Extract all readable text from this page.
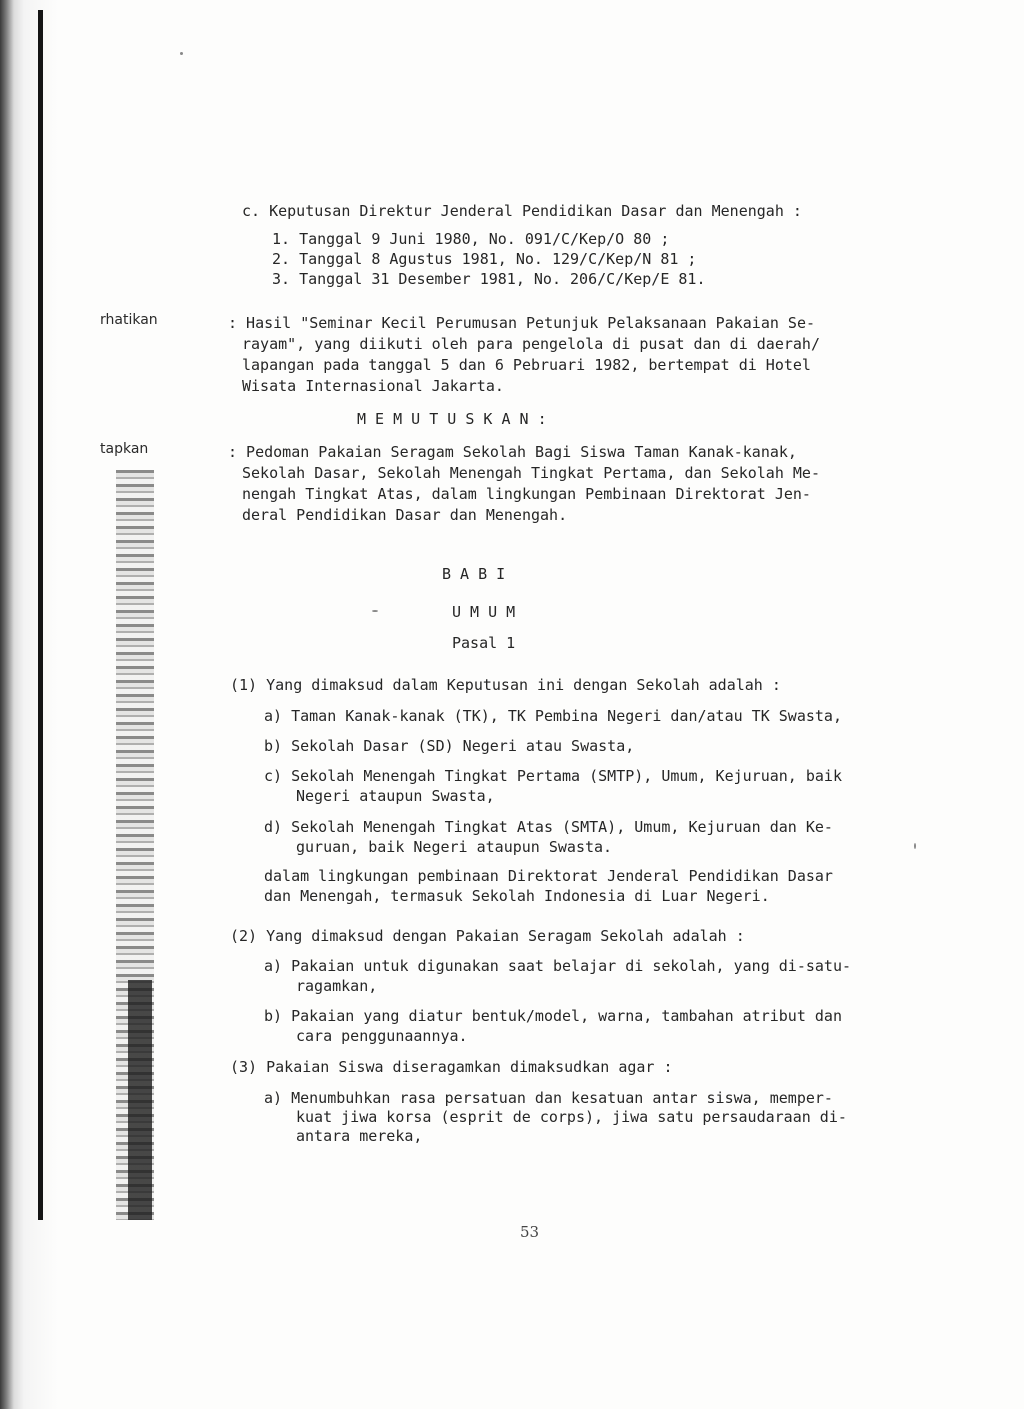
c. Keputusan Direktur Jenderal Pendidikan Dasar dan Menengah :
1. Tanggal 9 Juni 1980, No. 091/C/Kep/O 80 ;
2. Tanggal 8 Agustus 1981, No. 129/C/Kep/N 81 ;
3. Tanggal 31 Desember 1981, No. 206/C/Kep/E 81.
rhatikan	: Hasil "Seminar Kecil Perumusan Petunjuk Pelaksanaan Pakaian Se-
rayam", yang diikuti oleh para pengelola di pusat dan di daerah/
lapangan pada tanggal 5 dan 6 Pebruari 1982, bertempat di Hotel
Wisata Internasional Jakarta.
M E M U T U S K A N :
tapkan	: Pedoman Pakaian Seragam Sekolah Bagi Siswa Taman Kanak-kanak,
Sekolah Dasar, Sekolah Menengah Tingkat Pertama, dan Sekolah Me-
nengah Tingkat Atas, dalam lingkungan Pembinaan Direktorat Jen-
deral Pendidikan Dasar dan Menengah.
B A B I
U M U M
Pasal 1
(1) Yang dimaksud dalam Keputusan ini dengan Sekolah adalah :
a) Taman Kanak-kanak (TK), TK Pembina Negeri dan/atau TK Swasta,
b) Sekolah Dasar (SD) Negeri atau Swasta,
c) Sekolah Menengah Tingkat Pertama (SMTP), Umum, Kejuruan, baik
Negeri ataupun Swasta,
d) Sekolah Menengah Tingkat Atas (SMTA), Umum, Kejuruan dan Ke-
guruan, baik Negeri ataupun Swasta.
dalam lingkungan pembinaan Direktorat Jenderal Pendidikan Dasar
dan Menengah, termasuk Sekolah Indonesia di Luar Negeri.
(2) Yang dimaksud dengan Pakaian Seragam Sekolah adalah :
a) Pakaian untuk digunakan saat belajar di sekolah, yang di-satu-
ragamkan,
b) Pakaian yang diatur bentuk/model, warna, tambahan atribut dan
cara penggunaannya.
(3) Pakaian Siswa diseragamkan dimaksudkan agar :
a) Menumbuhkan rasa persatuan dan kesatuan antar siswa, memper-
kuat jiwa korsa (esprit de corps), jiwa satu persaudaraan di-
antara mereka,
53
